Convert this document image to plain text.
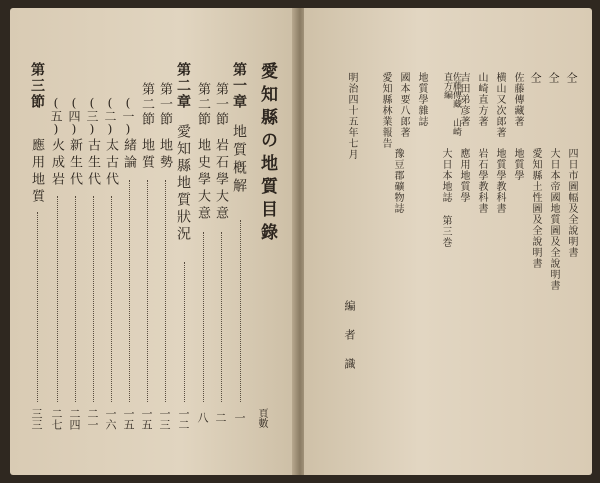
愛知縣の地質目錄
頁數
第一章
地質槪解
一
第一節
岩石學大意
二
第二節
地史學大意
八
第二章
愛知縣地質狀況
一二
第一節
地勢
一三
第二節
地質
一五
(一)
緒論
一五
(二)
太古代
一六
(三)
古生代
二一
(四)
新生代
二四
(五)
火成岩
二七
第三節
應用地質
三三
仝
仝
仝
四日市圖幅及全說明書
大日本帝國地質圖及全說明書
愛知縣土性圖及全說明書
地質學
地質學教科書
岩石學教科書
應用地質學
大日本地誌 第三巻
豫豆郡礦物誌
佐藤傳藏著
横山又次郎著
山崎直方著
吉田弟彦著
佐藤傳藏 山崎直方編
地質學雜誌
國本要八郎著
愛知縣林業報告
明治四十五年七月
編者識
